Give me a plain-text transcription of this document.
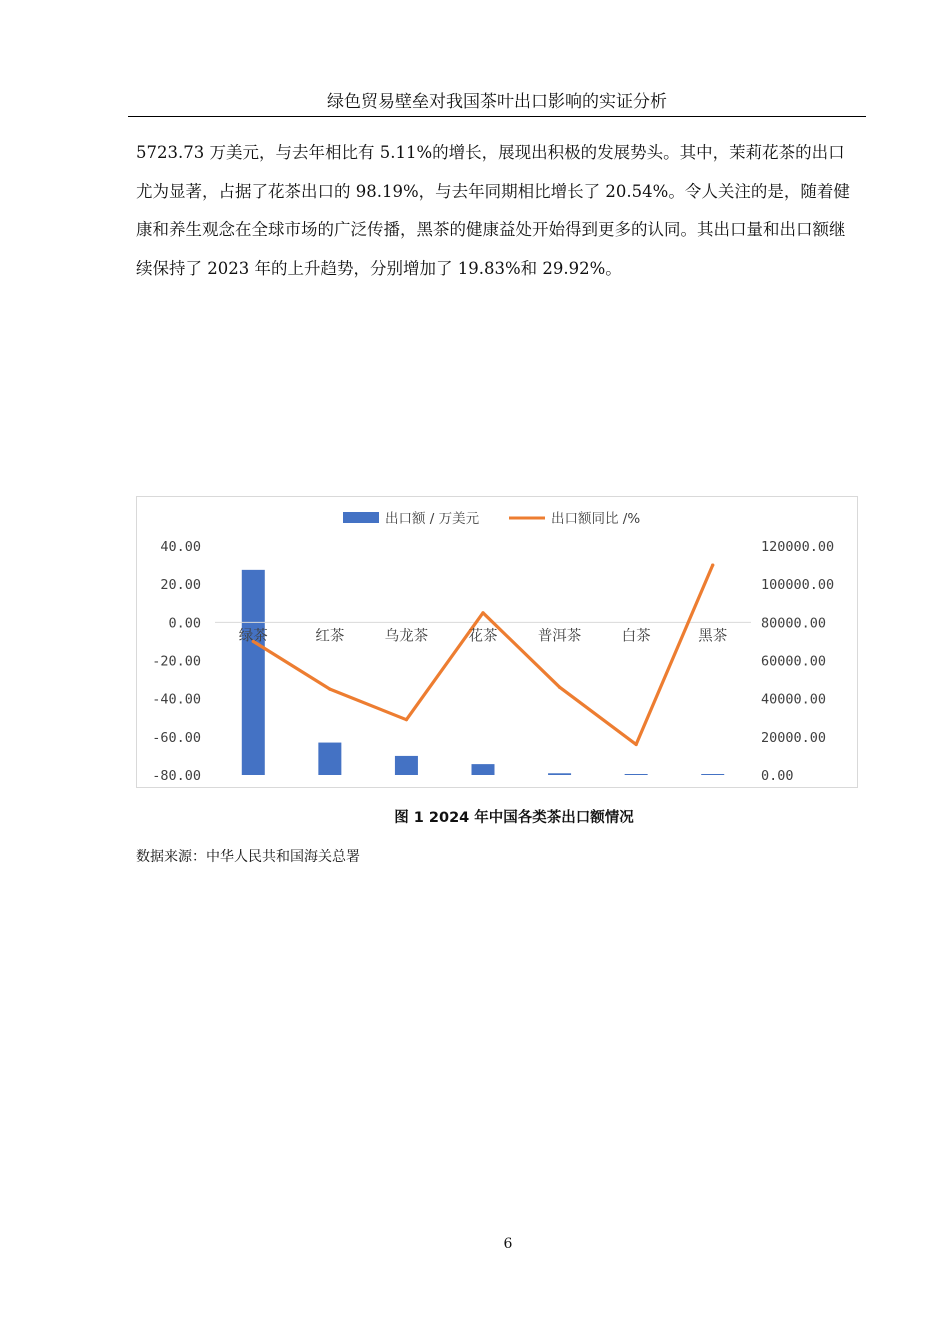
绿色贸易壁垒对我国茶叶出口影响的实证分析

5723.73 万美元，与去年相比有 5.11%的增长，展现出积极的发展势头。其中，茉莉花茶的出口尤为显著，占据了花茶出口的 98.19%，与去年同期相比增长了 20.54%。令人关注的是，随着健康和养生观念在全球市场的广泛传播，黑茶的健康益处开始得到更多的认同。其出口量和出口额继续保持了 2023 年的上升趋势，分别增加了 19.83%和 29.92%。

出口额 / 万美元	出口额同比 /%
40.00
20.00
0.00
-20.00
-40.00
-60.00
-80.00
120000.00
100000.00
80000.00
60000.00
40000.00
20000.00
0.00
绿茶	红茶	乌龙茶	花茶	普洱茶	白茶	黑茶
图 1 2024 年中国各类茶出口额情况
数据来源：中华人民共和国海关总署
6
